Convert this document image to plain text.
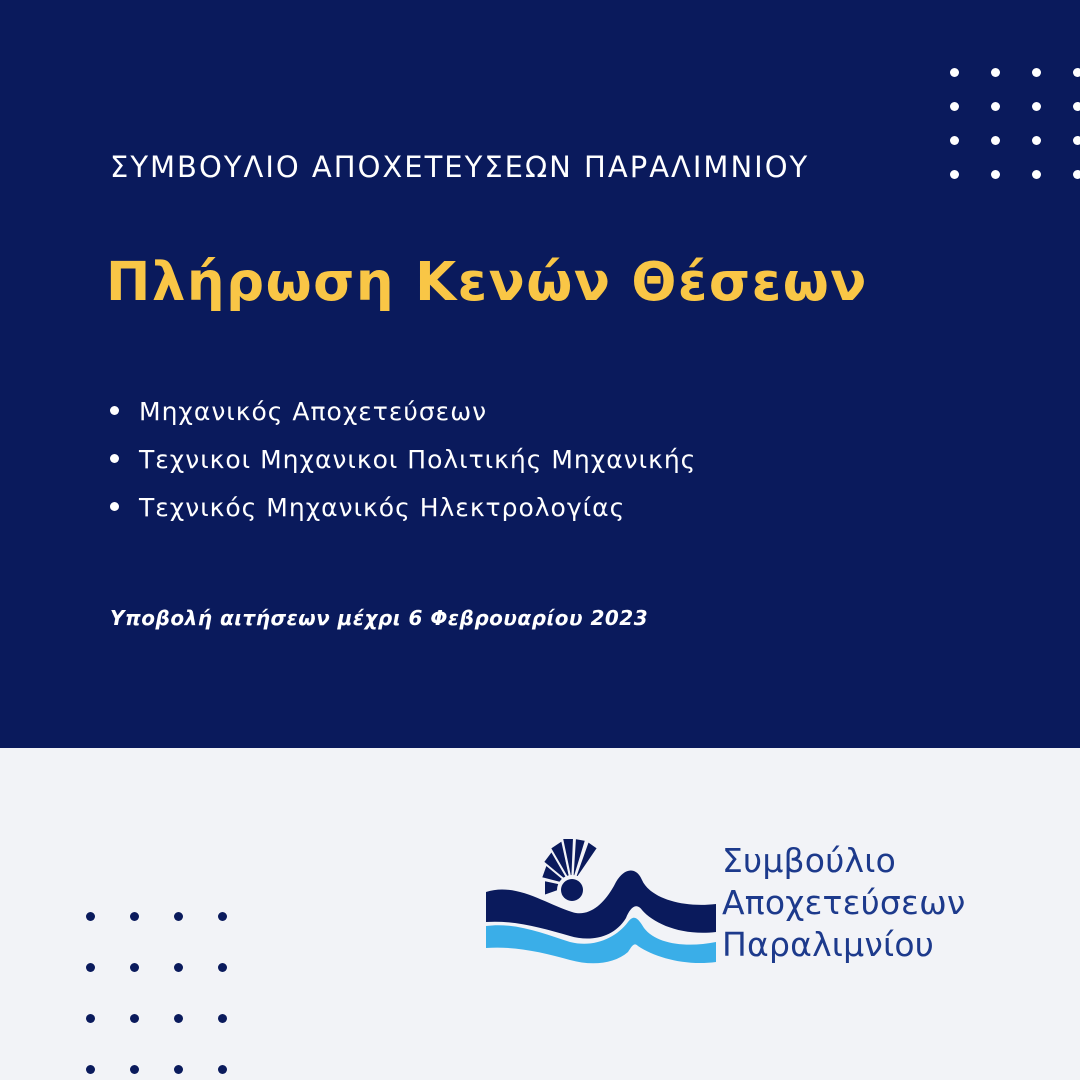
ΣΥΜΒΟΥΛΙΟ ΑΠΟΧΕΤΕΥΣΕΩΝ ΠΑΡΑΛΙΜΝΙΟΥ
Πλήρωση Κενών Θέσεων
Μηχανικός Αποχετεύσεων
Τεχνικοι Μηχανικοι Πολιτικής Μηχανικής
Τεχνικός Μηχανικός Ηλεκτρολογίας
Υποβολή αιτήσεων μέχρι 6 Φεβρουαρίου 2023
Συμβούλιο
Αποχετεύσεων
Παραλιμνίου
